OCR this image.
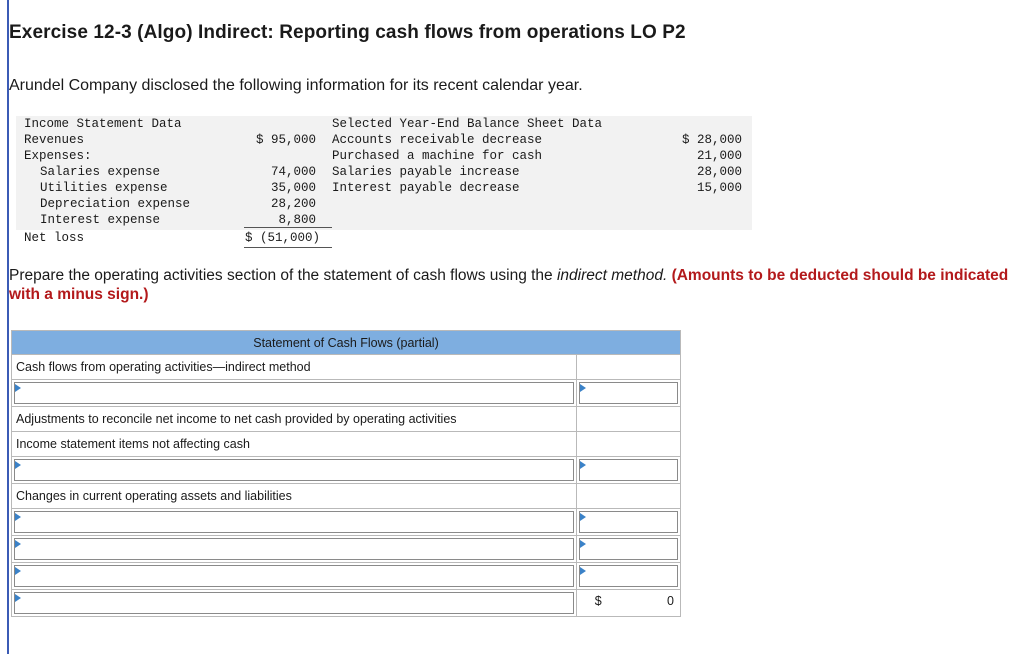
Exercise 12-3 (Algo) Indirect: Reporting cash flows from operations LO P2

Arundel Company disclosed the following information for its recent calendar year.

Income Statement Data
Revenues	$ 95,000
Expenses:
Salaries expense	74,000
Utilities expense	35,000
Depreciation expense	28,200
Interest expense	8,800
Net loss	$ (51,000)
Selected Year-End Balance Sheet Data
Accounts receivable decrease	$ 28,000
Purchased a machine for cash	21,000
Salaries payable increase	28,000
Interest payable decrease	15,000

Prepare the operating activities section of the statement of cash flows using the indirect method. (Amounts to be deducted should be indicated with a minus sign.)

Statement of Cash Flows (partial)	
Cash flows from operating activities—indirect method	

Adjustments to reconcile net income to net cash provided by operating activities	
Income statement items not affecting cash	

Changes in current operating assets and liabilities	

$ 0
